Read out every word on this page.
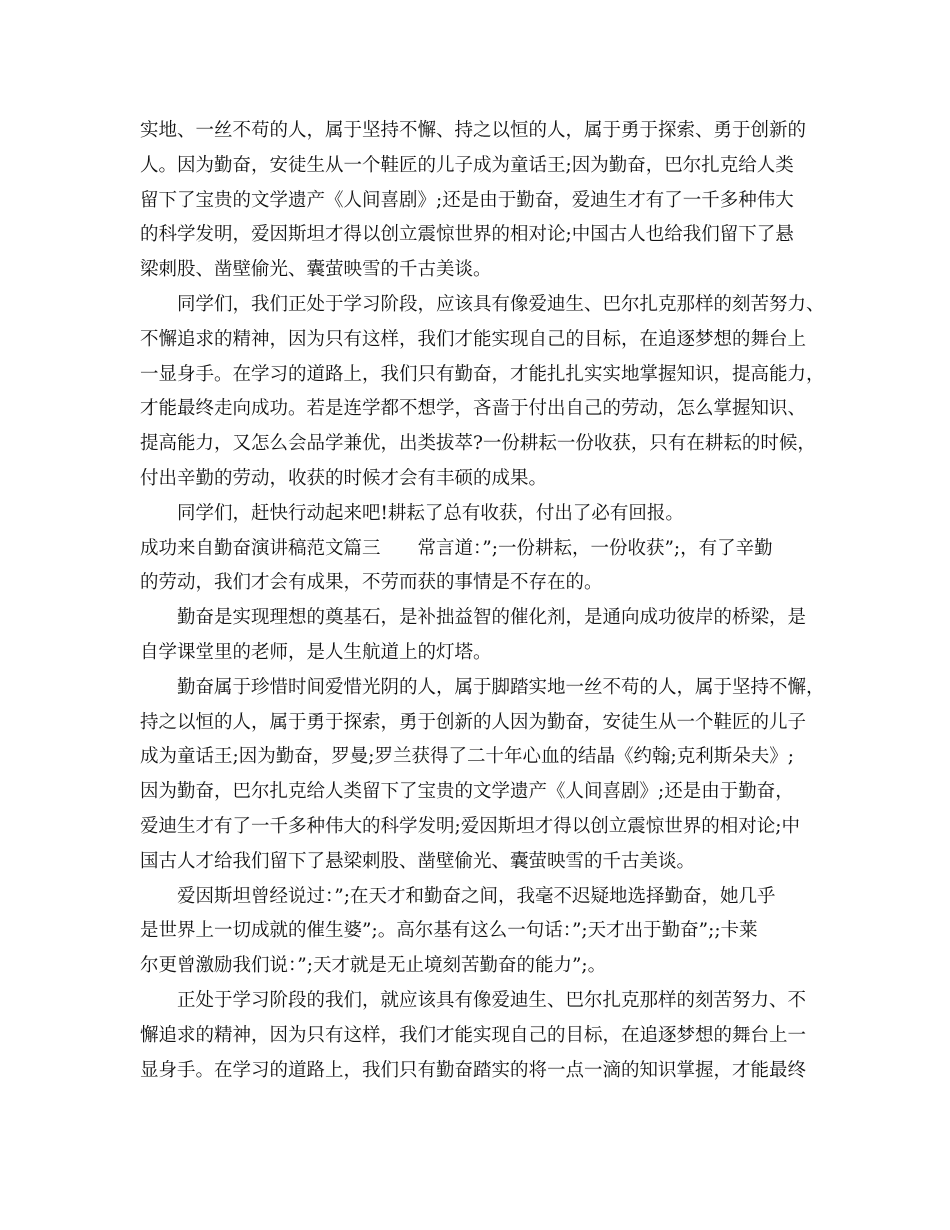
实地、一丝不苟的人，属于坚持不懈、持之以恒的人，属于勇于探索、勇于创新的
人。因为勤奋，安徒生从一个鞋匠的儿子成为童话王;因为勤奋，巴尔扎克给人类
留下了宝贵的文学遗产《人间喜剧》;还是由于勤奋，爱迪生才有了一千多种伟大
的科学发明，爱因斯坦才得以创立震惊世界的相对论;中国古人也给我们留下了悬
梁刺股、凿壁偷光、囊萤映雪的千古美谈。
同学们，我们正处于学习阶段，应该具有像爱迪生、巴尔扎克那样的刻苦努力、
不懈追求的精神，因为只有这样，我们才能实现自己的目标，在追逐梦想的舞台上
一显身手。在学习的道路上，我们只有勤奋，才能扎扎实实地掌握知识，提高能力，
才能最终走向成功。若是连学都不想学，吝啬于付出自己的劳动，怎么掌握知识、
提高能力，又怎么会品学兼优，出类拔萃?一份耕耘一份收获，只有在耕耘的时候，
付出辛勤的劳动，收获的时候才会有丰硕的成果。
同学们，赶快行动起来吧!耕耘了总有收获，付出了必有回报。
成功来自勤奋演讲稿范文篇三　　常言道：”;一份耕耘，一份收获”;，有了辛勤
的劳动，我们才会有成果，不劳而获的事情是不存在的。
勤奋是实现理想的奠基石，是补拙益智的催化剂，是通向成功彼岸的桥梁，是
自学课堂里的老师，是人生航道上的灯塔。
勤奋属于珍惜时间爱惜光阴的人，属于脚踏实地一丝不苟的人，属于坚持不懈，
持之以恒的人，属于勇于探索，勇于创新的人因为勤奋，安徒生从一个鞋匠的儿子
成为童话王;因为勤奋，罗曼;罗兰获得了二十年心血的结晶《约翰;克利斯朵夫》;
因为勤奋，巴尔扎克给人类留下了宝贵的文学遗产《人间喜剧》;还是由于勤奋，
爱迪生才有了一千多种伟大的科学发明;爱因斯坦才得以创立震惊世界的相对论;中
国古人才给我们留下了悬梁刺股、凿壁偷光、囊萤映雪的千古美谈。
爱因斯坦曾经说过：”;在天才和勤奋之间，我毫不迟疑地选择勤奋，她几乎
是世界上一切成就的催生婆”;。高尔基有这么一句话：”;天才出于勤奋”;;卡莱
尔更曾激励我们说：”;天才就是无止境刻苦勤奋的能力”;。
正处于学习阶段的我们，就应该具有像爱迪生、巴尔扎克那样的刻苦努力、不
懈追求的精神，因为只有这样，我们才能实现自己的目标，在追逐梦想的舞台上一
显身手。在学习的道路上，我们只有勤奋踏实的将一点一滴的知识掌握，才能最终
